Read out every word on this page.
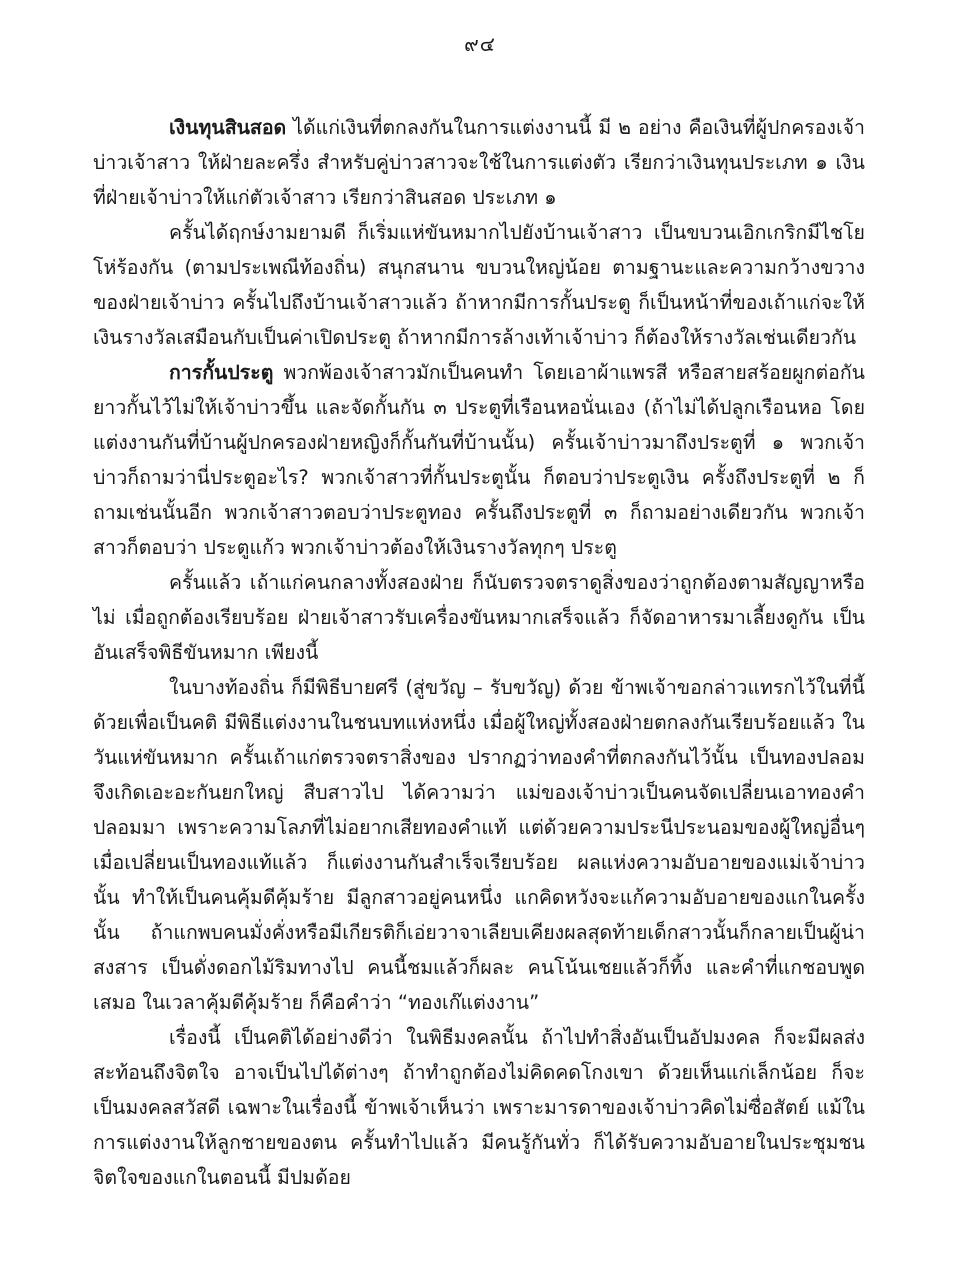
๙๔

เงินทุนสินสอด ได้แก่เงินที่ตกลงกันในการแต่งงานนี้ มี ๒ อย่าง คือเงินที่ผู้ปกครองเจ้าบ่าวเจ้าสาว ให้ฝ่ายละครึ่ง สำหรับคู่บ่าวสาวจะใช้ในการแต่งตัว เรียกว่าเงินทุนประเภท ๑ เงินที่ฝ่ายเจ้าบ่าวให้แก่ตัวเจ้าสาว เรียกว่าสินสอด ประเภท ๑

ครั้นได้ฤกษ์งามยามดี ก็เริ่มแห่ขันหมากไปยังบ้านเจ้าสาว เป็นขบวนเอิกเกริกมีไชโยโห่ร้องกัน (ตามประเพณีท้องถิ่น) สนุกสนาน ขบวนใหญ่น้อย ตามฐานะและความกว้างขวางของฝ่ายเจ้าบ่าว ครั้นไปถึงบ้านเจ้าสาวแล้ว ถ้าหากมีการกั้นประตู ก็เป็นหน้าที่ของเถ้าแก่จะให้เงินรางวัลเสมือนกับเป็นค่าเปิดประตู ถ้าหากมีการล้างเท้าเจ้าบ่าว ก็ต้องให้รางวัลเช่นเดียวกัน

การกั้นประตู พวกพ้องเจ้าสาวมักเป็นคนทำ โดยเอาผ้าแพรสี หรือสายสร้อยผูกต่อกันยาวกั้นไว้ไม่ให้เจ้าบ่าวขึ้น และจัดกั้นกัน ๓ ประตูที่เรือนหอนั่นเอง (ถ้าไม่ได้ปลูกเรือนหอ โดยแต่งงานกันที่บ้านผู้ปกครองฝ่ายหญิงก็กั้นกันที่บ้านนั้น) ครั้นเจ้าบ่าวมาถึงประตูที่ ๑ พวกเจ้าบ่าวก็ถามว่านี่ประตูอะไร? พวกเจ้าสาวที่กั้นประตูนั้น ก็ตอบว่าประตูเงิน ครั้งถึงประตูที่ ๒ ก็ถามเช่นนั้นอีก พวกเจ้าสาวตอบว่าประตูทอง ครั้นถึงประตูที่ ๓ ก็ถามอย่างเดียวกัน พวกเจ้าสาวก็ตอบว่า ประตูแก้ว พวกเจ้าบ่าวต้องให้เงินรางวัลทุกๆ ประตู

ครั้นแล้ว เถ้าแก่คนกลางทั้งสองฝ่าย ก็นับตรวจตราดูสิ่งของว่าถูกต้องตามสัญญาหรือไม่ เมื่อถูกต้องเรียบร้อย ฝ่ายเจ้าสาวรับเครื่องขันหมากเสร็จแล้ว ก็จัดอาหารมาเลี้ยงดูกัน เป็นอันเสร็จพิธีขันหมาก เพียงนี้

ในบางท้องถิ่น ก็มีพิธีบายศรี (สู่ขวัญ – รับขวัญ) ด้วย ข้าพเจ้าขอกล่าวแทรกไว้ในที่นี้ด้วยเพื่อเป็นคติ มีพิธีแต่งงานในชนบทแห่งหนึ่ง เมื่อผู้ใหญ่ทั้งสองฝ่ายตกลงกันเรียบร้อยแล้ว ในวันแห่ขันหมาก ครั้นเถ้าแก่ตรวจตราสิ่งของ ปรากฏว่าทองคำที่ตกลงกันไว้นั้น เป็นทองปลอม จึงเกิดเอะอะกันยกใหญ่ สืบสาวไป ได้ความว่า แม่ของเจ้าบ่าวเป็นคนจัดเปลี่ยนเอาทองคำปลอมมา เพราะความโลภที่ไม่อยากเสียทองคำแท้ แต่ด้วยความประนีประนอมของผู้ใหญ่อื่นๆ เมื่อเปลี่ยนเป็นทองแท้แล้ว ก็แต่งงานกันสำเร็จเรียบร้อย ผลแห่งความอับอายของแม่เจ้าบ่าวนั้น ทำให้เป็นคนคุ้มดีคุ้มร้าย มีลูกสาวอยู่คนหนึ่ง แกคิดหวังจะแก้ความอับอายของแกในครั้งนั้น ถ้าแกพบคนมั่งคั่งหรือมีเกียรติก็เอ่ยวาจาเลียบเคียงผลสุดท้ายเด็กสาวนั้นก็กลายเป็นผู้น่าสงสาร เป็นดั่งดอกไม้ริมทางไป คนนี้ชมแล้วก็ผละ คนโน้นเชยแล้วก็ทิ้ง และคำที่แกชอบพูดเสมอ ในเวลาคุ้มดีคุ้มร้าย ก็คือคำว่า “ทองเก๊แต่งงาน”

เรื่องนี้ เป็นคติได้อย่างดีว่า ในพิธีมงคลนั้น ถ้าไปทำสิ่งอันเป็นอัปมงคล ก็จะมีผลส่งสะท้อนถึงจิตใจ อาจเป็นไปได้ต่างๆ ถ้าทำถูกต้องไม่คิดคดโกงเขา ด้วยเห็นแก่เล็กน้อย ก็จะเป็นมงคลสวัสดี เฉพาะในเรื่องนี้ ข้าพเจ้าเห็นว่า เพราะมารดาของเจ้าบ่าวคิดไม่ซื่อสัตย์ แม้ในการแต่งงานให้ลูกชายของตน ครั้นทำไปแล้ว มีคนรู้กันทั่ว ก็ได้รับความอับอายในประชุมชน จิตใจของแกในตอนนี้ มีปมด้อย
